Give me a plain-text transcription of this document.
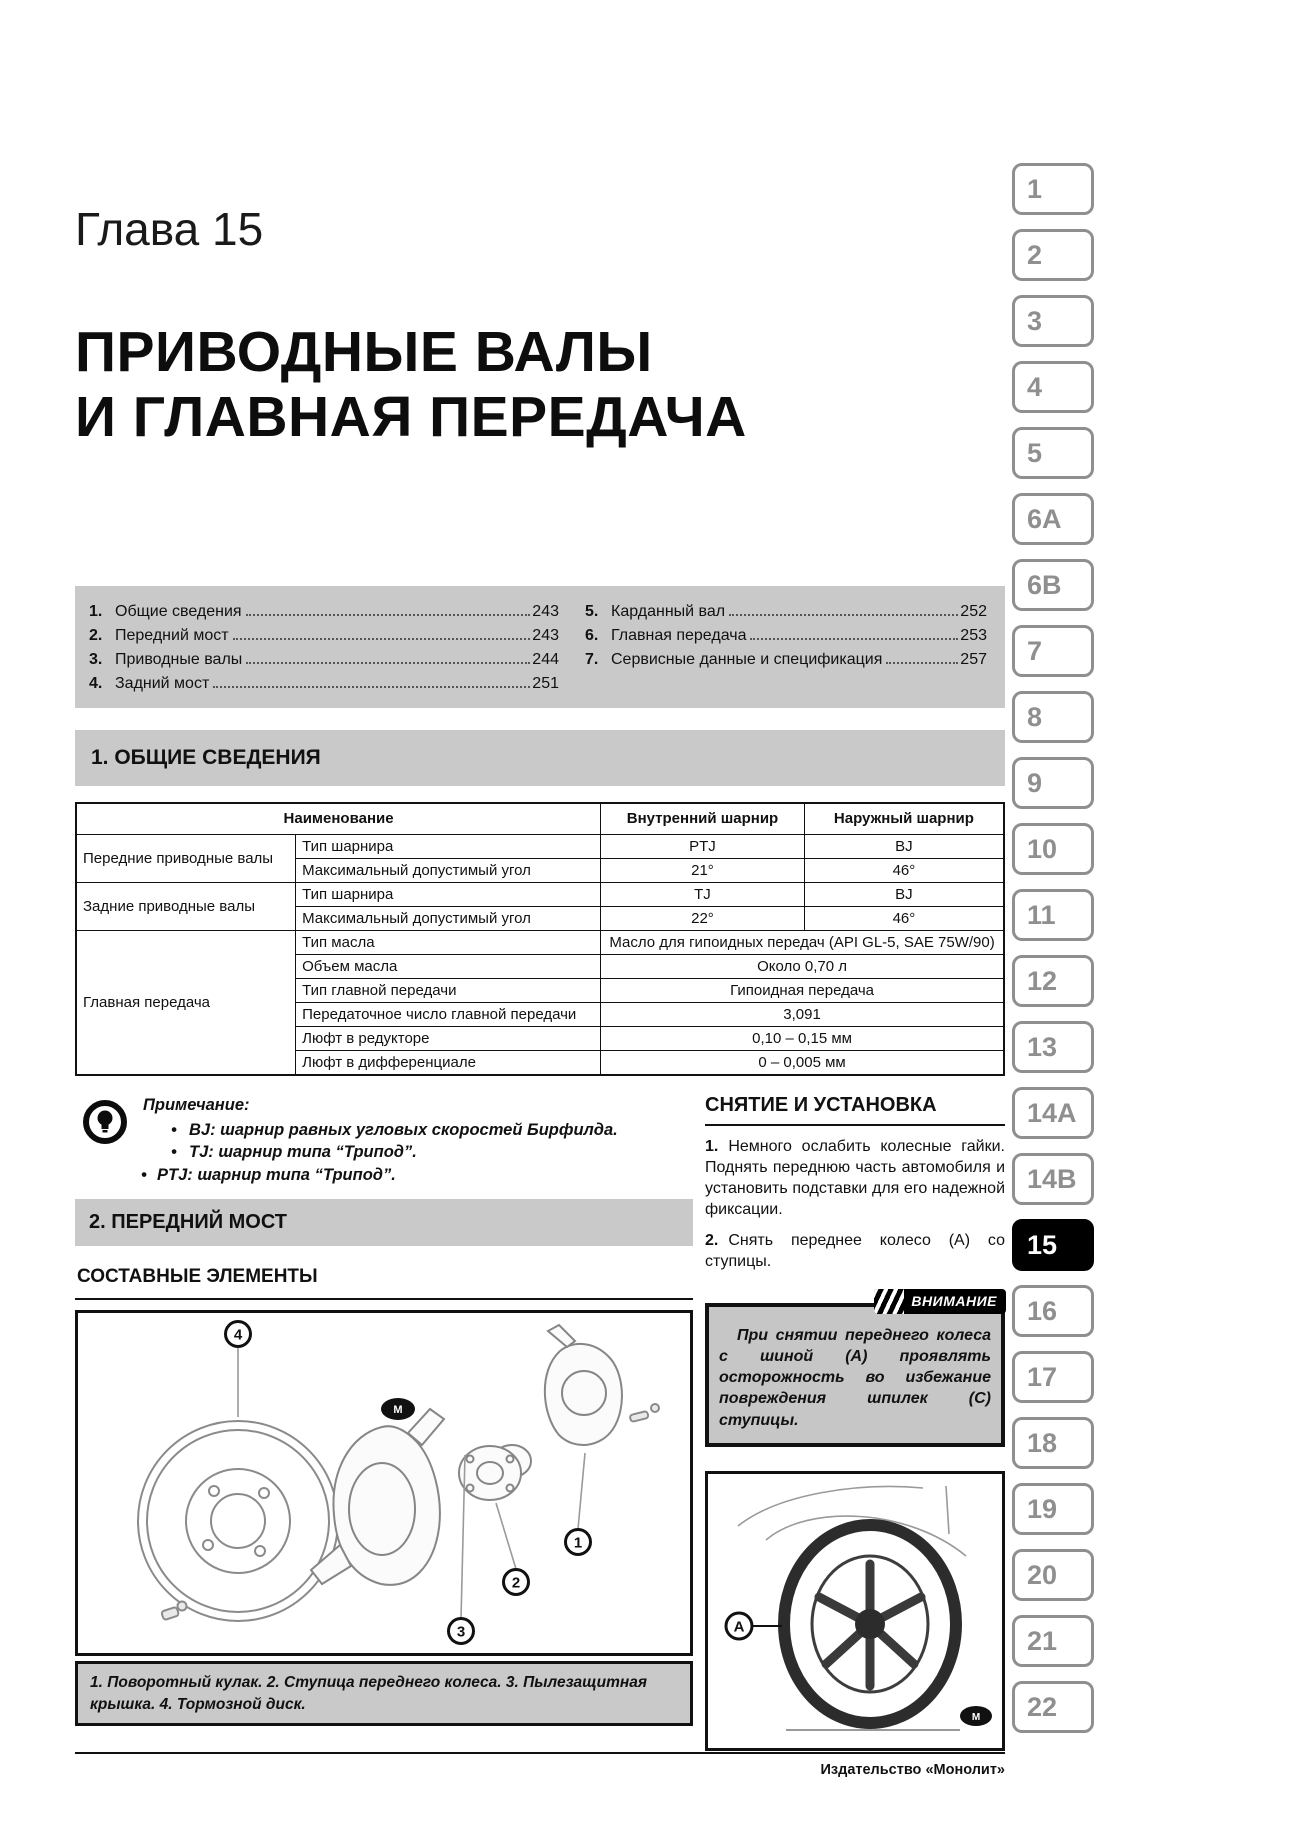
Глава 15
ПРИВОДНЫЕ ВАЛЫ
И ГЛАВНАЯ ПЕРЕДАЧА
1. Общие сведения	243
2. Передний мост	243
3. Приводные валы	244
4. Задний мост	251
5. Карданный вал	252
6. Главная передача	253
7. Сервисные данные и спецификация	257
1. ОБЩИЕ СВЕДЕНИЯ
Наименование		Внутренний шарнир	Наружный шарнир
Передние приводные валы	Тип шарнира	PTJ	BJ
	Максимальный допустимый угол	21°	46°
Задние приводные валы	Тип шарнира	TJ	BJ
	Максимальный допустимый угол	22°	46°
Главная передача	Тип масла	Масло для гипоидных передач (API GL-5, SAE 75W/90)	
	Объем масла	Около 0,70 л	
	Тип главной передачи	Гипоидная передача	
	Передаточное число главной передачи	3,091	
	Люфт в редукторе	0,10 – 0,15 мм	
	Люфт в дифференциале	0 – 0,005 мм	
Примечание:
• BJ: шарнир равных угловых скоростей Бирфилда.
• TJ: шарнир типа “Трипод”.
• PTJ: шарнир типа “Трипод”.
2. ПЕРЕДНИЙ МОСТ
СОСТАВНЫЕ ЭЛЕМЕНТЫ
М
4
1
2
3
1. Поворотный кулак. 2. Ступица переднего колеса. 3. Пылезащитная крышка. 4. Тормозной диск.
СНЯТИЕ И УСТАНОВКА

1. Немного ослабить колесные гайки. Поднять переднюю часть автомобиля и установить подставки для его надежной фиксации.

2. Снять переднее колесо (А) со ступицы.

ВНИМАНИЕ
При снятии переднего колеса с шиной (А) проявлять осторожность во избежание повреждения шпилек (С) ступицы.
А
М
1
2
3
4
5
6A
6B
7
8
9
10
11
12
13
14A
14B
15
16
17
18
19
20
21
22
Издательство «Монолит»
